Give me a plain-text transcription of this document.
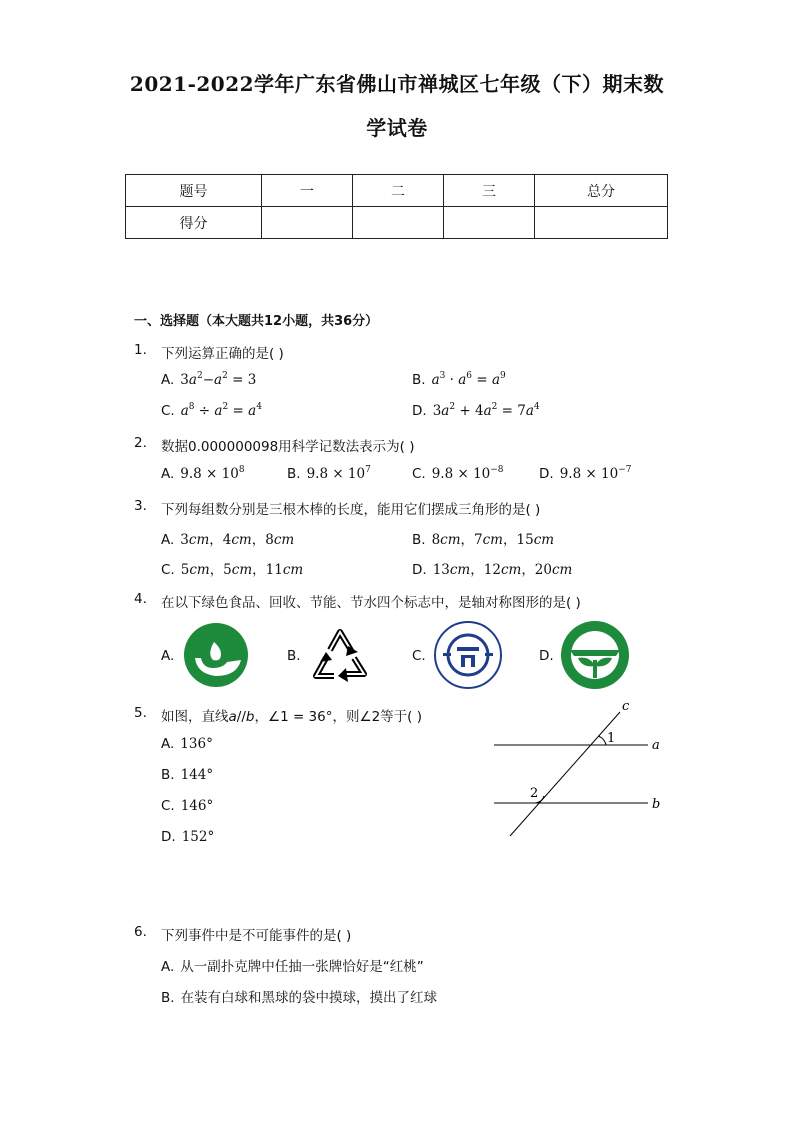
2021-2022学年广东省佛山市禅城区七年级（下）期末数
学试卷
题号	一	二	三	总分
得分				
一、选择题（本大题共12小题，共36分）
1. 下列运算正确的是( )
A. $3a^2-a^2 = 3$	B. $a^3 \cdot a^6 = a^9$
C. $a^8 \div a^2 = a^4$	D. $3a^2 + 4a^2 = 7a^4$
2. 数据0.000000098用科学记数法表示为( )
A. $9.8 \times 10^8$	B. $9.8 \times 10^7$	C. $9.8 \times 10^{-8}$	D. $9.8 \times 10^{-7}$
3. 下列每组数分别是三根木棒的长度，能用它们摆成三角形的是( )
A. 3cm，4cm，8cm	B. 8cm，7cm，15cm
C. 5cm，5cm，11cm	D. 13cm，12cm，20cm
4. 在以下绿色食品、回收、节能、节水四个标志中，是轴对称图形的是( )
A.	B.	C.	D.
5. 如图，直线a//b，∠1 = 36°，则∠2等于( )
A. 136°
B. 144°
C. 146°
D. 152°
c
a
b
1
2
6. 下列事件中是不可能事件的是( )
A. 从一副扑克牌中任抽一张牌恰好是“红桃”
B. 在装有白球和黑球的袋中摸球，摸出了红球
